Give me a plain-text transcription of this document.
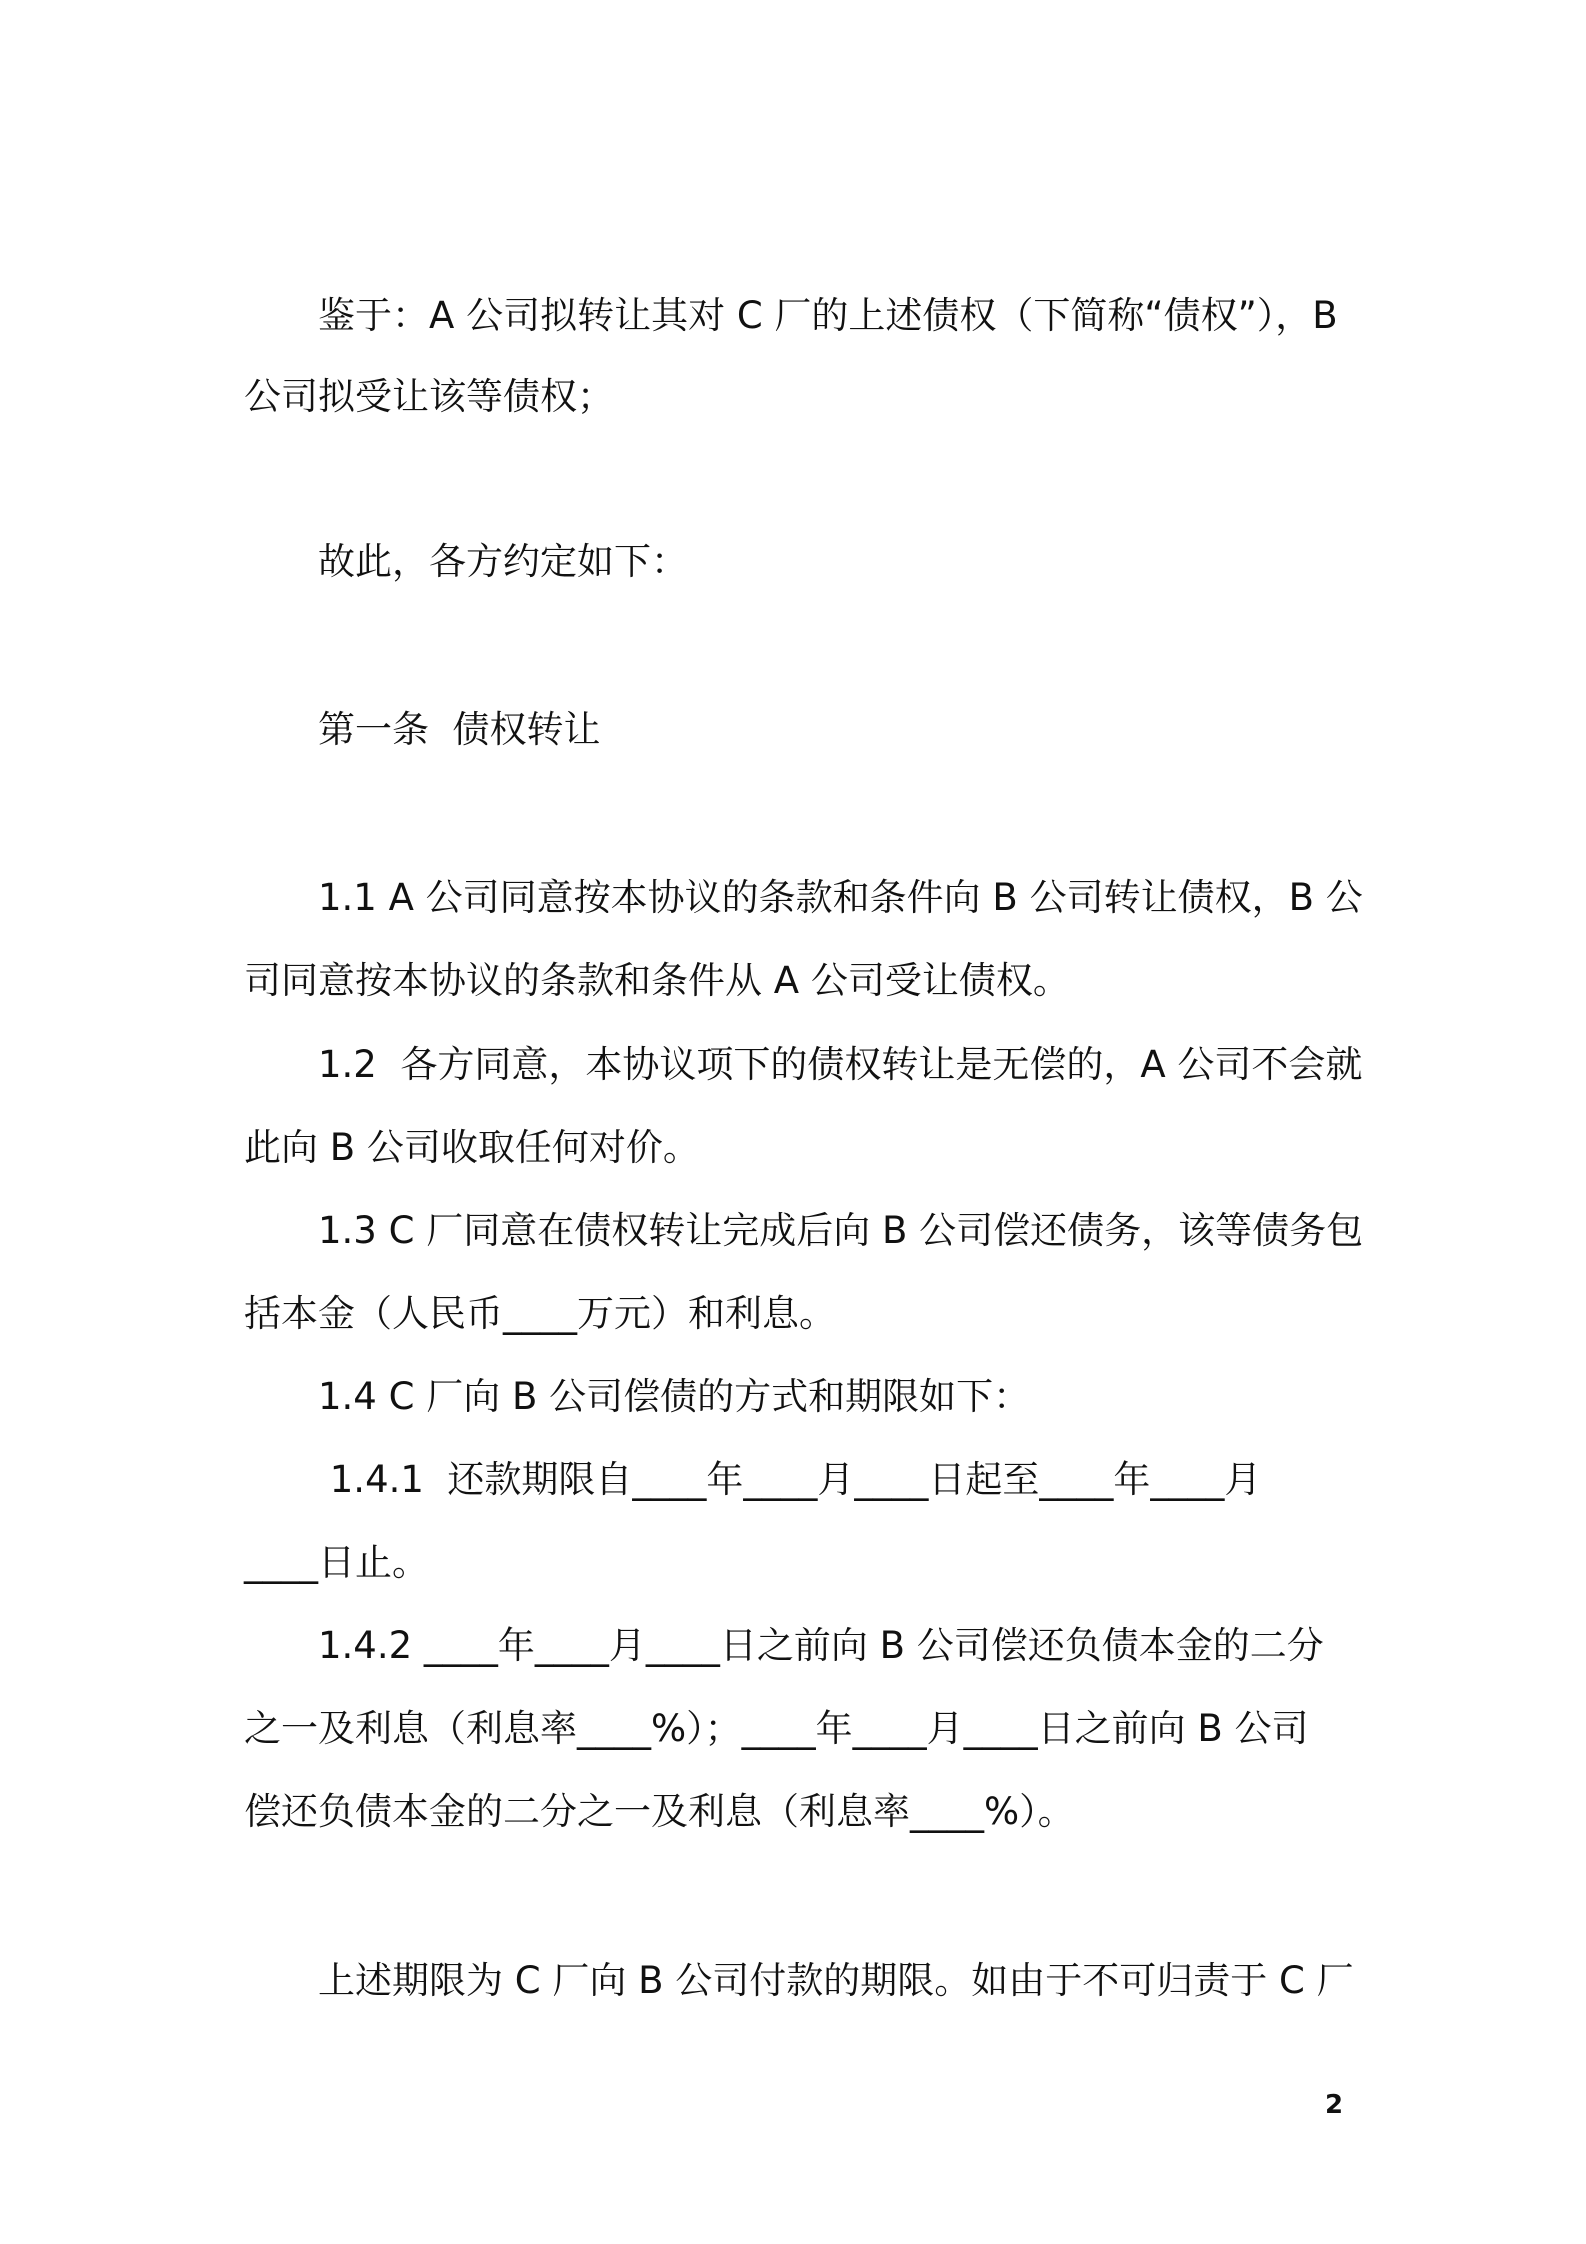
鉴于：A 公司拟转让其对 C 厂的上述债权（下简称“债权”），B
公司拟受让该等债权；
故此，各方约定如下：
第一条  债权转让
1.1 A 公司同意按本协议的条款和条件向 B 公司转让债权，B 公
司同意按本协议的条款和条件从 A 公司受让债权。
1.2  各方同意，本协议项下的债权转让是无偿的，A 公司不会就
此向 B 公司收取任何对价。
1.3 C 厂同意在债权转让完成后向 B 公司偿还债务，该等债务包
括本金（人民币____万元）和利息。
1.4 C 厂向 B 公司偿债的方式和期限如下：
1.4.1  还款期限自____年____月____日起至____年____月
____日止。
1.4.2 ____年____月____日之前向 B 公司偿还负债本金的二分
之一及利息（利息率____%）；____年____月____日之前向 B 公司
偿还负债本金的二分之一及利息（利息率____%）。
上述期限为 C 厂向 B 公司付款的期限。如由于不可归责于 C 厂
2
